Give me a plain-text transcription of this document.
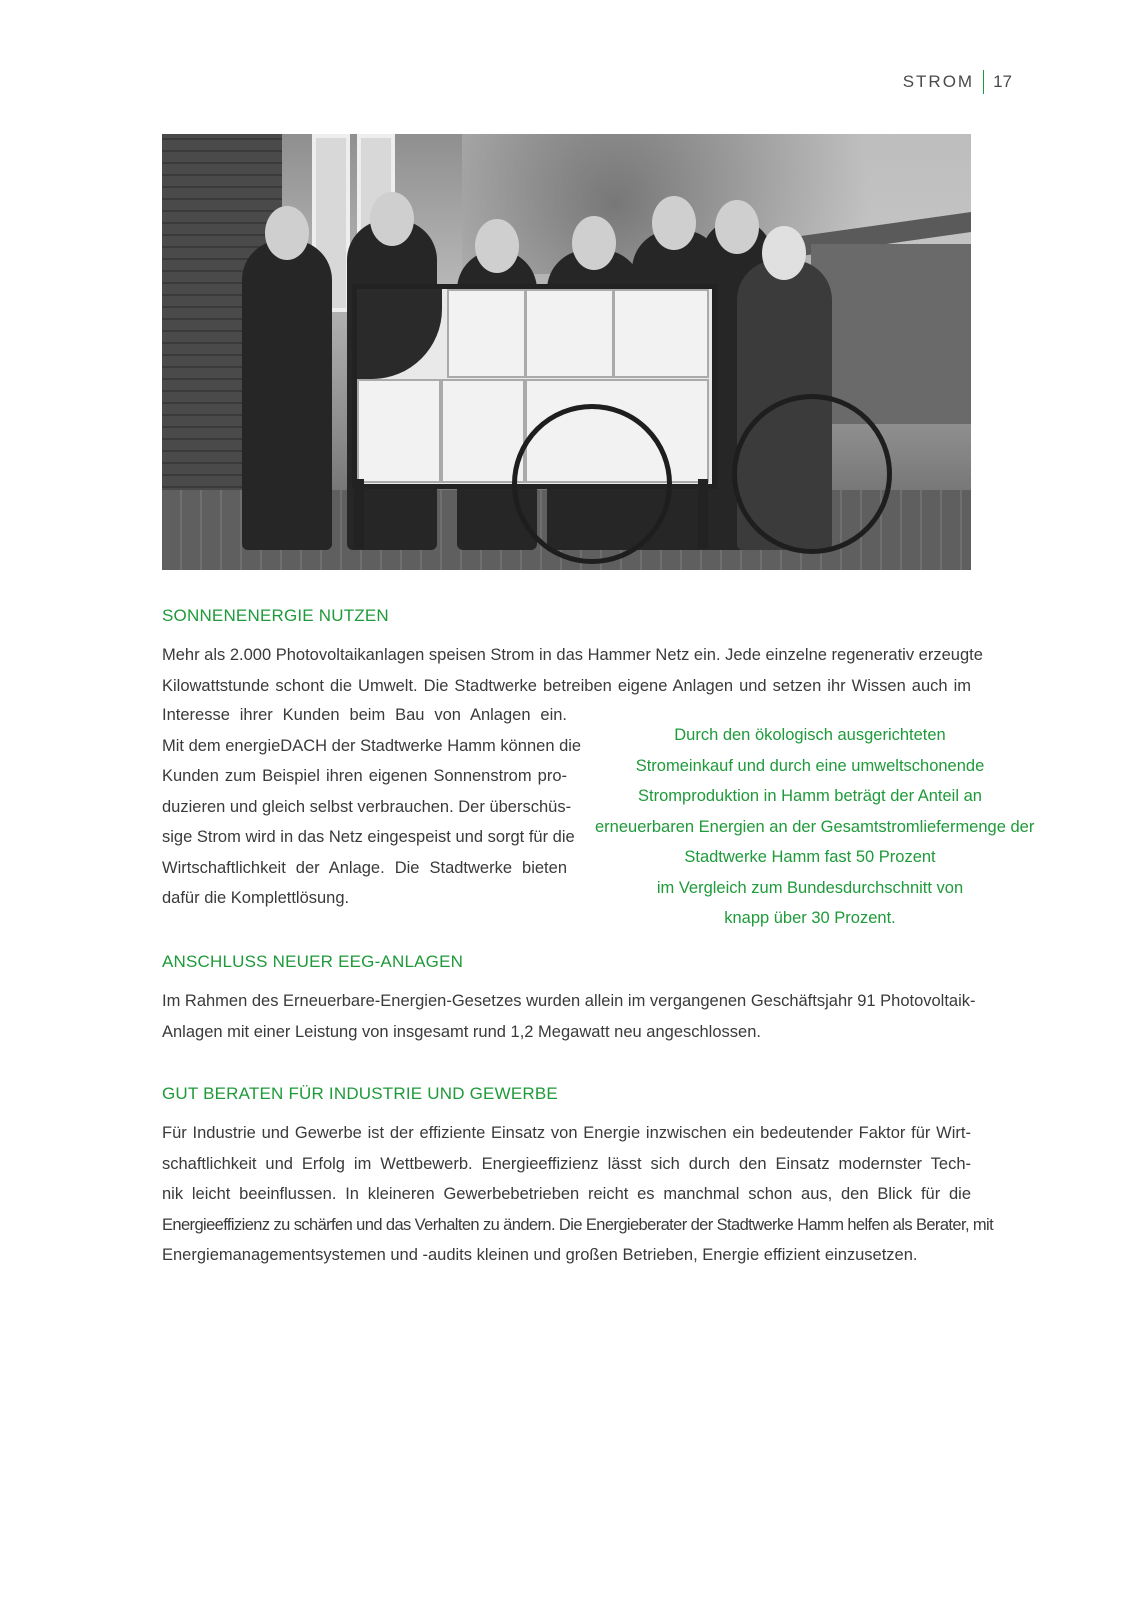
STROM 17
SONNENENERGIE NUTZEN

Mehr als 2.000 Photovoltaikanlagen speisen Strom in das Hammer Netz ein. Jede einzelne regenerativ erzeugte
Kilowattstunde schont die Umwelt. Die Stadtwerke betreiben eigene Anlagen und setzen ihr Wissen auch im

Interesse ihrer Kunden beim Bau von Anlagen ein.
Mit dem energieDACH der Stadtwerke Hamm können die
Kunden zum Beispiel ihren eigenen Sonnenstrom pro-
duzieren und gleich selbst verbrauchen. Der überschüs-
sige Strom wird in das Netz eingespeist und sorgt für die
Wirtschaftlichkeit der Anlage. Die Stadtwerke bieten
dafür die Komplettlösung.

Durch den ökologisch ausgerichteten
Stromeinkauf und durch eine umweltschonende
Stromproduktion in Hamm beträgt der Anteil an
erneuerbaren Energien an der Gesamtstromliefermenge der
Stadtwerke Hamm fast 50 Prozent
im Vergleich zum Bundesdurchschnitt von
knapp über 30 Prozent.

ANSCHLUSS NEUER EEG-ANLAGEN

Im Rahmen des Erneuerbare-Energien-Gesetzes wurden allein im vergangenen Geschäftsjahr 91 Photovoltaik-
Anlagen mit einer Leistung von insgesamt rund 1,2 Megawatt neu angeschlossen.

GUT BERATEN FÜR INDUSTRIE UND GEWERBE

Für Industrie und Gewerbe ist der effiziente Einsatz von Energie inzwischen ein bedeutender Faktor für Wirt-
schaftlichkeit und Erfolg im Wettbewerb. Energieeffizienz lässt sich durch den Einsatz modernster Tech-
nik leicht beeinflussen. In kleineren Gewerbebetrieben reicht es manchmal schon aus, den Blick für die
Energieeffizienz zu schärfen und das Verhalten zu ändern. Die Energieberater der Stadtwerke Hamm helfen als Berater, mit
Energiemanagementsystemen und -audits kleinen und großen Betrieben, Energie effizient einzusetzen.
